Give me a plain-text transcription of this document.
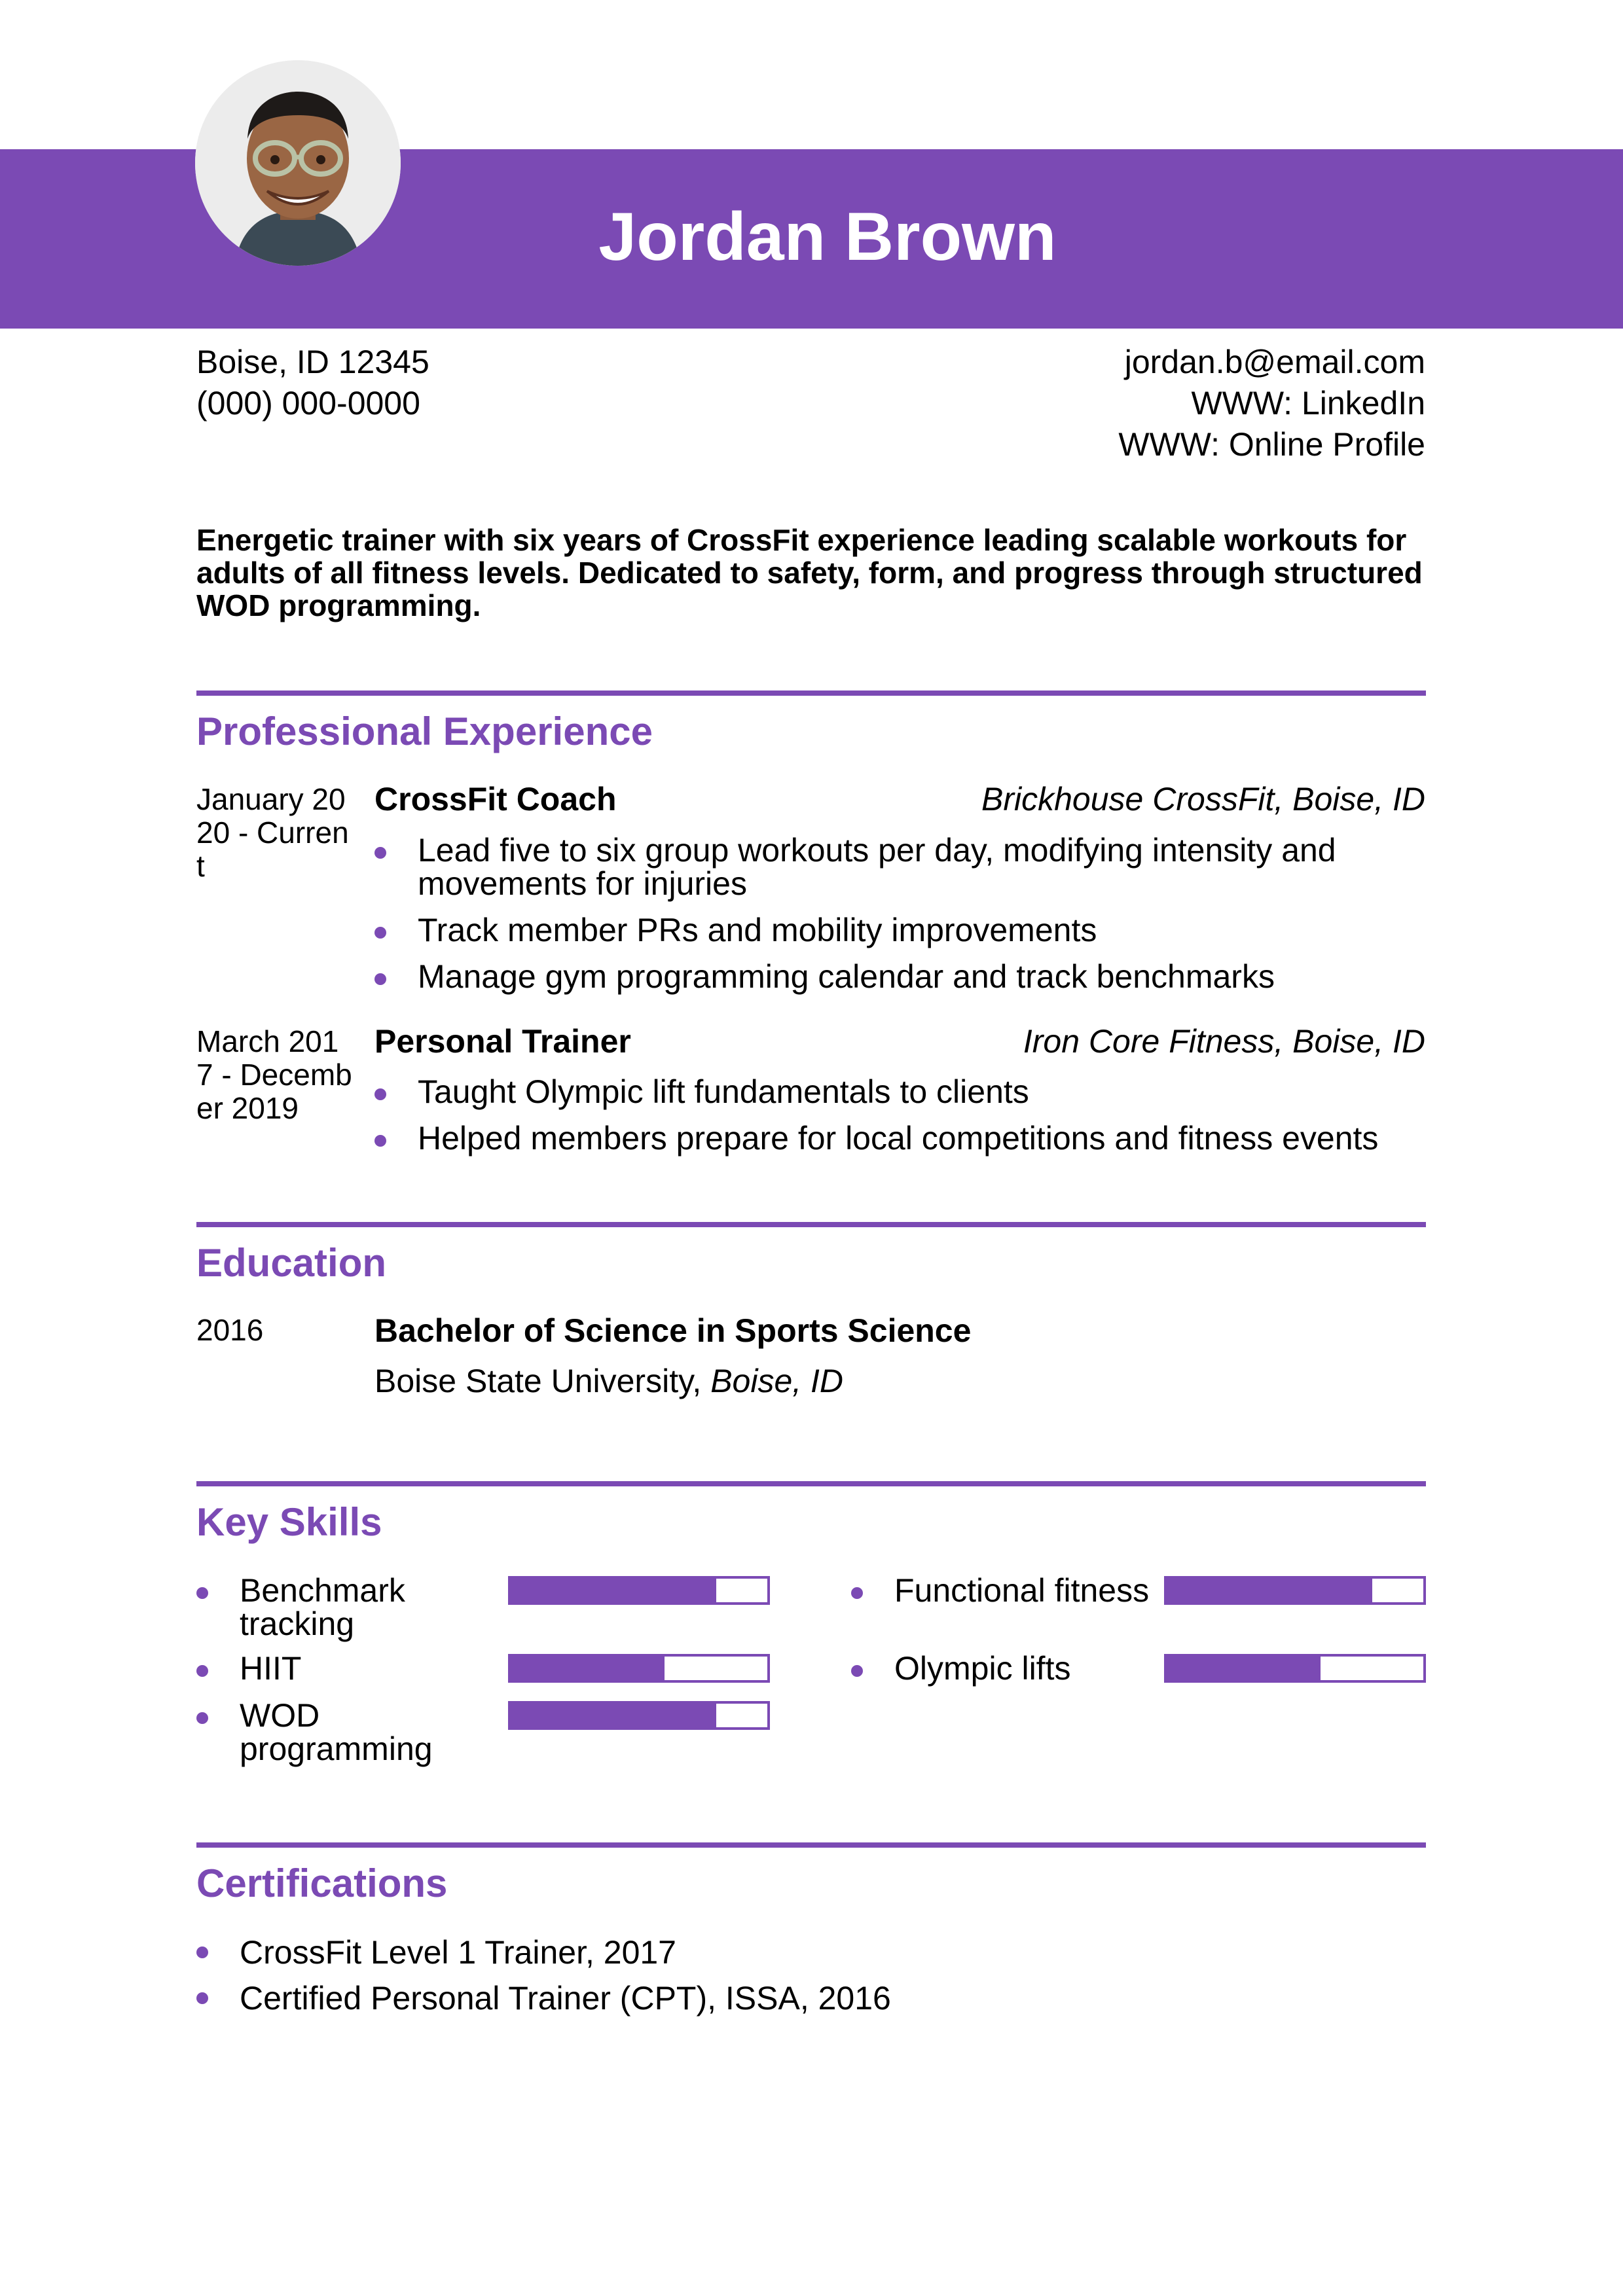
Jordan Brown
Boise, ID 12345
(000) 000-0000
jordan.b@email.com
WWW: LinkedIn
WWW: Online Profile
Energetic trainer with six years of CrossFit experience leading scalable workouts for adults of all fitness levels. Dedicated to safety, form, and progress through structured WOD programming.
Professional Experience
January 2020 - Current
CrossFit Coach	Brickhouse CrossFit, Boise, ID
Lead five to six group workouts per day, modifying intensity and movements for injuries
Track member PRs and mobility improvements
Manage gym programming calendar and track benchmarks
March 2017 - December 2019
Personal Trainer	Iron Core Fitness, Boise, ID
Taught Olympic lift fundamentals to clients
Helped members prepare for local competitions and fitness events
Education
2016	Bachelor of Science in Sports Science
Boise State University, Boise, ID
Key Skills
Benchmark tracking
HIIT
WOD programming
Functional fitness
Olympic lifts
Certifications
CrossFit Level 1 Trainer, 2017
Certified Personal Trainer (CPT), ISSA, 2016
